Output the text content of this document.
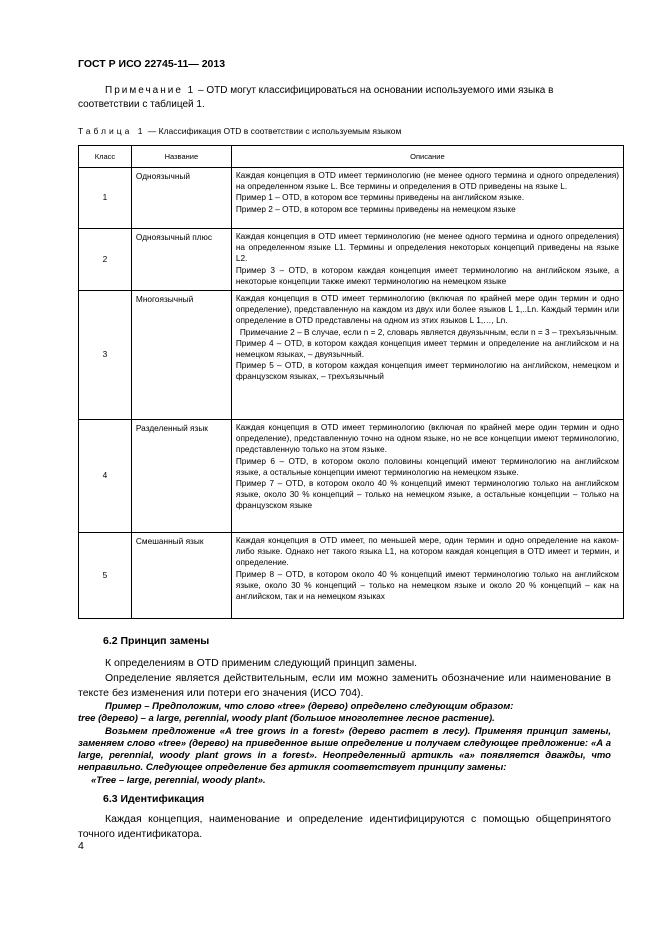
ГОСТ Р ИСО 22745-11— 2013

Примечание 1 – OTD могут классифицироваться на основании используемого ими языка в соответствии с таблицей 1.

Таблица 1 — Классификация OTD в соответствии с используемым языком
Класс	Название	Описание
1	Одноязычный	Каждая концепция в OTD имеет терминологию (не менее одного термина и одного определения) на определенном языке L. Все термины и определения в OTD приведены на языке L.
Пример 1 – OTD, в котором все термины приведены на английском языке.
Пример 2 – OTD, в котором все термины приведены на немецком языке

2	Одноязычный плюс	Каждая концепция в OTD имеет терминологию (не менее одного термина и одного определения) на определенном языке L1. Термины и определения некоторых концепций приведены на языке L2.
Пример 3 – OTD, в котором каждая концепция имеет терминологию на английском языке, а некоторые концепции также имеют терминологию на немецком языке

3	Многоязычный	Каждая концепция в OTD имеет терминологию (включая по крайней мере один термин и одно определение), представленную на каждом из двух или более языков L 1,..Ln. Каждый термин или определение в OTD представлены на одном из этих языков L 1,…, Ln.
Примечание 2 – В случае, если n = 2, словарь является двуязычным, если n = 3 – трехъязычным.
Пример 4 – OTD, в котором каждая концепция имеет термин и определение на английском и на немецком языках, – двуязычный.
Пример 5 – OTD, в котором каждая концепция имеет терминологию на английском, немецком и французском языках, – трехъязычный

4	Разделенный язык	Каждая концепция в OTD имеет терминологию (включая по крайней мере один термин и одно определение), представленную точно на одном языке, но не все концепции имеют терминологию, представленную только на этом языке.
Пример 6 – OTD, в котором около половины концепций имеют терминологию на английском языке, а остальные концепции имеют терминологию на немецком языке.
Пример 7 – OTD, в котором около 40 % концепций имеют терминологию только на английском языке, около 30 % концепций – только на немецком языке, а остальные концепции – только на французском языке

5	Смешанный язык	Каждая концепция в OTD имеет, по меньшей мере, один термин и одно определение на каком-либо языке. Однако нет такого языка L1, на котором каждая концепция в OTD имеет и термин, и определение.
Пример 8 – OTD, в котором около 40 % концепций имеют терминологию только на английском языке, около 30 % концепций – только на немецком языке и около 20 % концепций – как на английском, так и на немецком языках
6.2 Принцип замены

К определениям в OTD применим следующий принцип замены.

Определение является действительным, если им можно заменить обозначение или наименование в тексте без изменения или потери его значения (ИСО 704).

Пример – Предположим, что слово «tree» (дерево) определено следующим образом:

tree (дерево) – a large, perennial, woody plant (большое многолетнее лесное растение).

Возьмем предложение «A tree grows in a forest» (дерево растет в лесу). Применяя принцип замены, заменяем слово «tree» (дерево) на приведенное выше определение и получаем следующее предложение: «A a large, perennial, woody plant grows in a forest». Неопределенный артикль «a» появляется дважды, что неправильно. Следующее определение без артикля соответствует принципу замены:

«Tree – large, perennial, woody plant».

6.3 Идентификация

Каждая концепция, наименование и определение идентифицируются с помощью общепринятого точного идентификатора.

4
